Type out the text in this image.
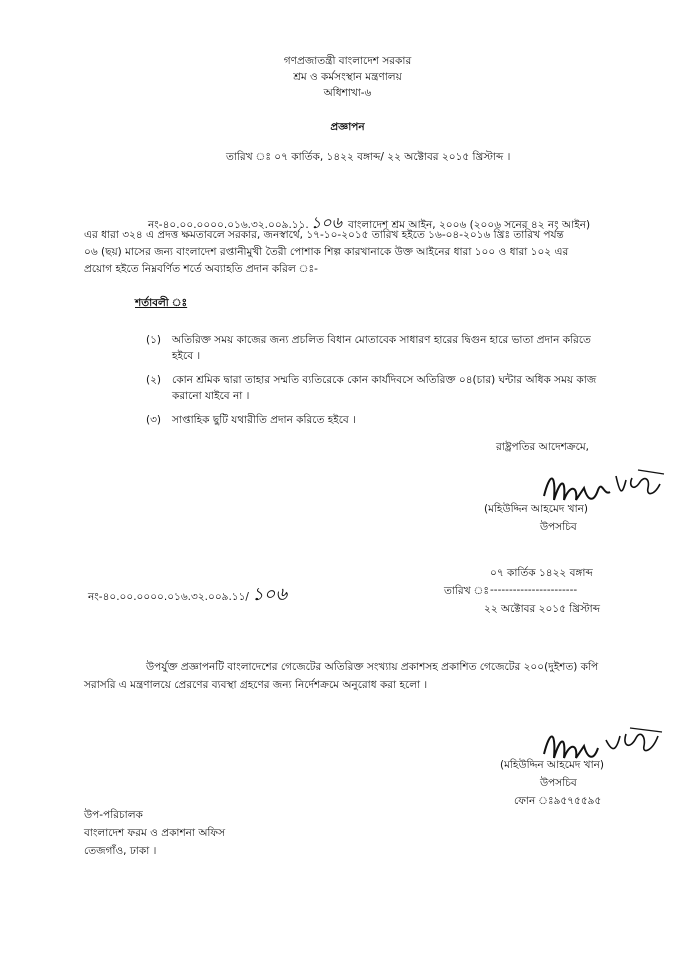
গণপ্রজাতন্ত্রী বাংলাদেশ সরকার
শ্রম ও কর্মসংস্থান মন্ত্রণালয়
অধিশাখা-৬
প্রজ্ঞাপন
তারিখ ঃ ০৭ কার্তিক, ১৪২২ বঙ্গাব্দ/ ২২ অক্টোবর ২০১৫ খ্রিস্টাব্দ ।
নং-৪০.০০.০০০০.০১৬.৩২.০০৯.১১. ১০৬ বাংলাদেশ শ্রম আইন, ২০০৬ (২০০৬ সনের ৪২ নং আইন)
এর ধারা ৩২৪ এ প্রদত্ত ক্ষমতাবলে সরকার, জনস্বার্থে, ১৭-১০-২০১৫ তারিখ হইতে ১৬-০৪-২০১৬ খ্রিঃ তারিখ পর্যন্ত
০৬ (ছয়) মাসের জন্য বাংলাদেশ রপ্তানীমুখী তৈরী পোশাক শিল্প কারখানাকে উক্ত আইনের ধারা ১০০ ও ধারা ১০২ এর
প্রয়োগ হইতে নিম্নবর্ণিত শর্তে অব্যাহতি প্রদান করিল ঃ-
শর্তাবলী ঃ
(১) অতিরিক্ত সময় কাজের জন্য প্রচলিত বিধান মোতাবেক সাধারণ হারের দ্বিগুন হারে ভাতা প্রদান করিতে
হইবে ।
(২) কোন শ্রমিক দ্বারা তাহার সম্মতি ব্যতিরেকে কোন কার্যদিবসে অতিরিক্ত ০৪(চার) ঘন্টার অধিক সময় কাজ
করানো যাইবে না ।
(৩) সাপ্তাহিক ছুটি যথারীতি প্রদান করিতে হইবে ।
রাষ্ট্রপতির আদেশক্রমে,
(মহিউদ্দিন আহমেদ খান)
উপসচিব
০৭ কার্তিক ১৪২২ বঙ্গাব্দ
নং-৪০.০০.০০০০.০১৬.৩২.০০৯.১১/ ১০৬	তারিখ ঃ -----------------------
২২ অক্টোবর ২০১৫ খ্রিস্টাব্দ
উপর্যুক্ত প্রজ্ঞাপনটি বাংলাদেশের গেজেটের অতিরিক্ত সংখ্যায় প্রকাশসহ প্রকাশিত গেজেটের ২০০(দুইশত) কপি
সরাসরি এ মন্ত্রণালয়ে প্রেরণের ব্যবস্থা গ্রহণের জন্য নির্দেশক্রমে অনুরোধ করা হলো ।
(মহিউদ্দিন আহমেদ খান)
উপসচিব
ফোন ঃ৯৫৭৫৫৯৫
উপ-পরিচালক
বাংলাদেশ ফরম ও প্রকাশনা অফিস
তেজগাঁও, ঢাকা ।
